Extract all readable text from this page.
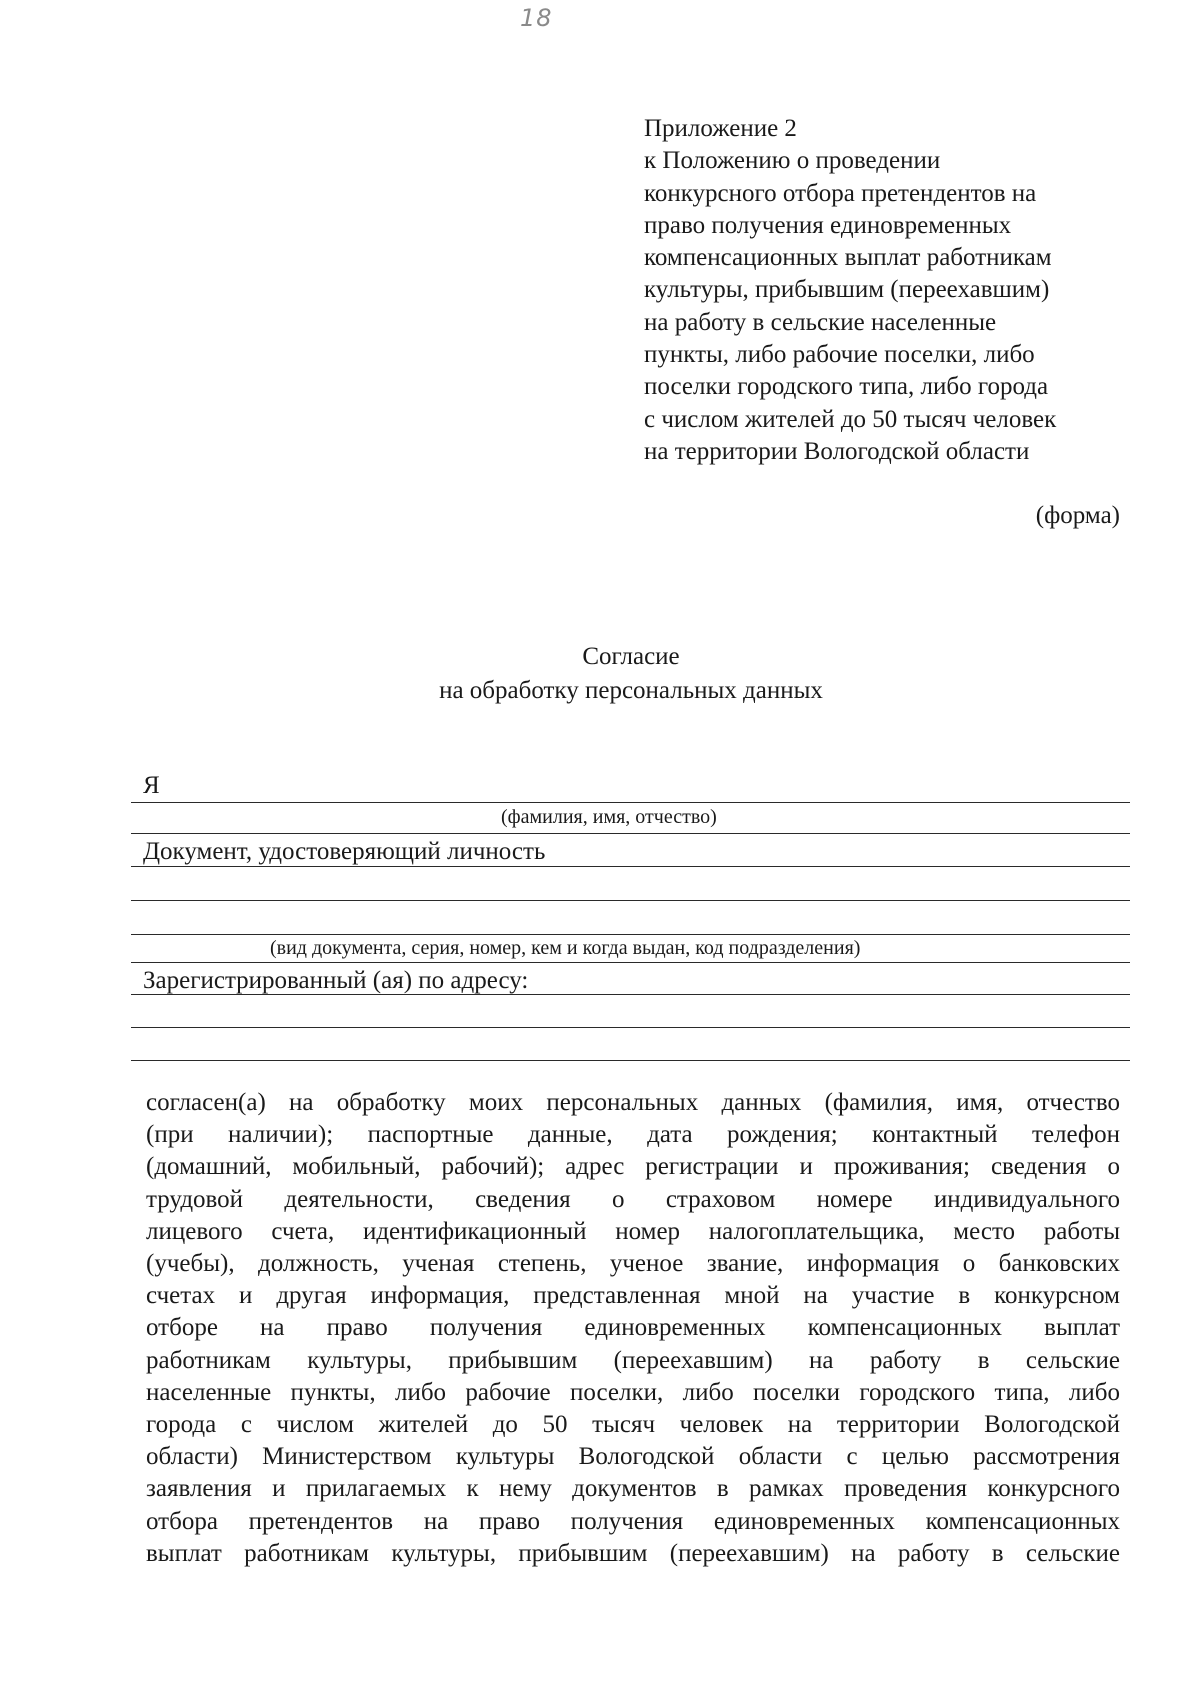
18
Приложение 2
к Положению о проведении
конкурсного отбора претендентов на
право получения единовременных
компенсационных выплат работникам
культуры, прибывшим (переехавшим)
на работу в сельские населенные
пункты, либо рабочие поселки, либо
поселки городского типа, либо города
с числом жителей до 50 тысяч человек
на территории Вологодской области
(форма)
Согласие
на обработку персональных данных
Я
(фамилия, имя, отчество)
Документ, удостоверяющий личность
(вид документа, серия, номер, кем и когда выдан, код подразделения)
Зарегистрированный (ая) по адресу:
согласен(а) на обработку моих персональных данных (фамилия, имя, отчество
(при наличии); паспортные данные, дата рождения; контактный телефон
(домашний, мобильный, рабочий); адрес регистрации и проживания; сведения о
трудовой деятельности, сведения о страховом номере индивидуального
лицевого счета, идентификационный номер налогоплательщика, место работы
(учебы), должность, ученая степень, ученое звание, информация о банковских
счетах и другая информация, представленная мной на участие в конкурсном
отборе на право получения единовременных компенсационных выплат
работникам культуры, прибывшим (переехавшим) на работу в сельские
населенные пункты, либо рабочие поселки, либо поселки городского типа, либо
города с числом жителей до 50 тысяч человек на территории Вологодской
области) Министерством культуры Вологодской области с целью рассмотрения
заявления и прилагаемых к нему документов в рамках проведения конкурсного
отбора претендентов на право получения единовременных компенсационных
выплат работникам культуры, прибывшим (переехавшим) на работу в сельские
